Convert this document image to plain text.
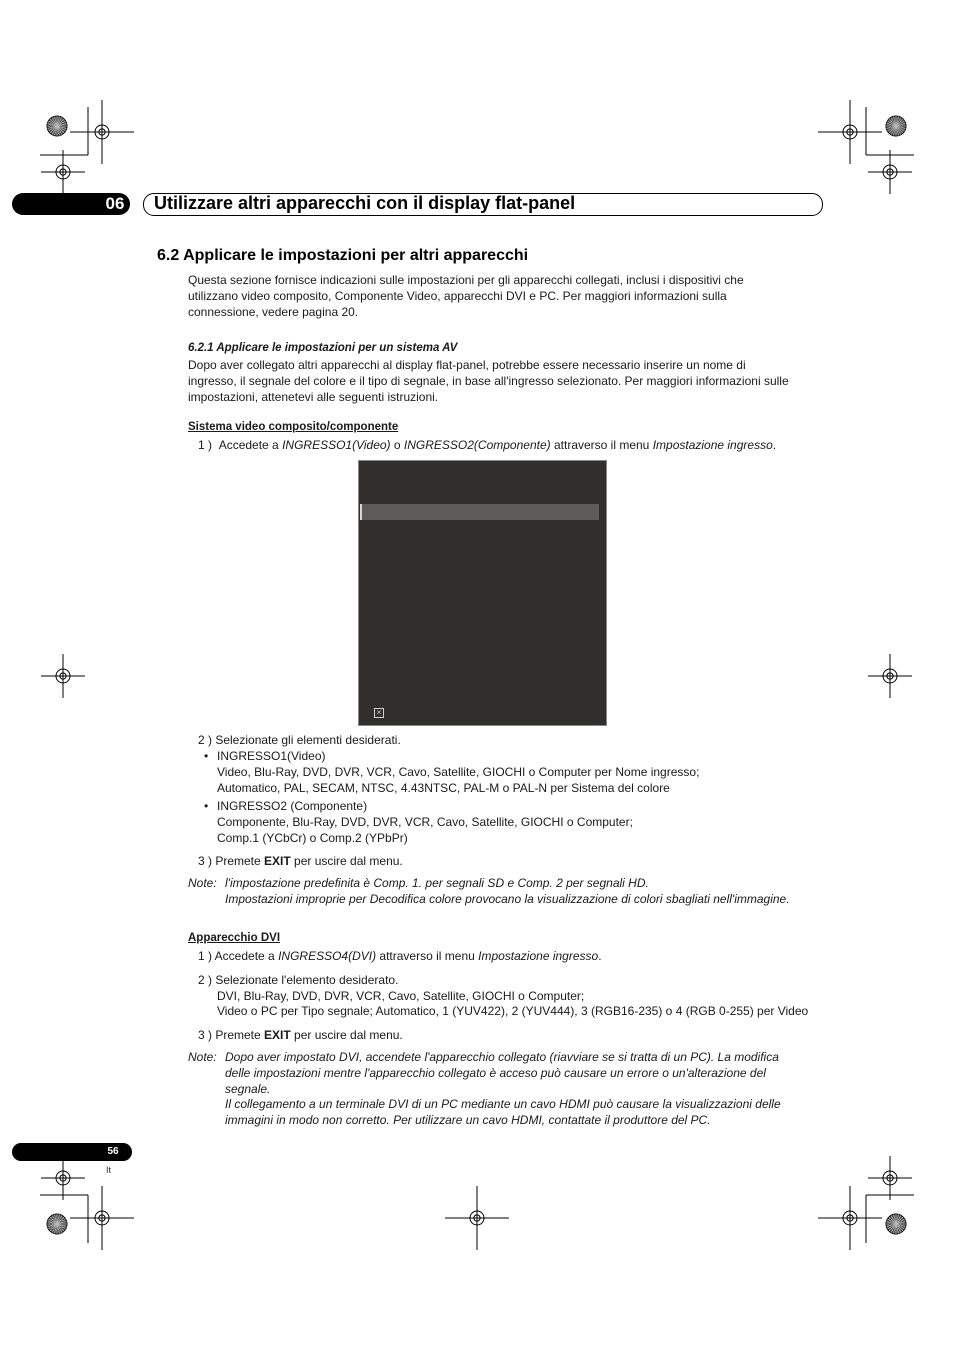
06	Utilizzare altri apparecchi con il display flat-panel
6.2 Applicare le impostazioni per altri apparecchi
Questa sezione fornisce indicazioni sulle impostazioni per gli apparecchi collegati, inclusi i dispositivi che
utilizzano video composito, Componente Video, apparecchi DVI e PC. Per maggiori informazioni sulla
connessione, vedere pagina 20.
6.2.1 Applicare le impostazioni per un sistema AV
Dopo aver collegato altri apparecchi al display flat-panel, potrebbe essere necessario inserire un nome di
ingresso, il segnale del colore e il tipo di segnale, in base all'ingresso selezionato. Per maggiori informazioni sulle
impostazioni, attenetevi alle seguenti istruzioni.
Sistema video composito/componente
1 ) Accedete a INGRESSO1(Video) o INGRESSO2(Componente) attraverso il menu Impostazione ingresso.
×
2 ) Selezionate gli elementi desiderati.
• INGRESSO1(Video)
Video, Blu-Ray, DVD, DVR, VCR, Cavo, Satellite, GIOCHI o Computer per Nome ingresso;
Automatico, PAL, SECAM, NTSC, 4.43NTSC, PAL-M o PAL-N per Sistema del colore
• INGRESSO2 (Componente)
Componente, Blu-Ray, DVD, DVR, VCR, Cavo, Satellite, GIOCHI o Computer;
Comp.1 (YCbCr) o Comp.2 (YPbPr)
3 ) Premete EXIT per uscire dal menu.
Note: l'impostazione predefinita è Comp. 1. per segnali SD e Comp. 2 per segnali HD.
Impostazioni improprie per Decodifica colore provocano la visualizzazione di colori sbagliati nell'immagine.
Apparecchio DVI
1 ) Accedete a INGRESSO4(DVI) attraverso il menu Impostazione ingresso.
2 ) Selezionate l'elemento desiderato.
DVI, Blu-Ray, DVD, DVR, VCR, Cavo, Satellite, GIOCHI o Computer;
Video o PC per Tipo segnale; Automatico, 1 (YUV422), 2 (YUV444), 3 (RGB16-235) o 4 (RGB 0-255) per Video
3 ) Premete EXIT per uscire dal menu.
Note: Dopo aver impostato DVI, accendete l'apparecchio collegato (riavviare se si tratta di un PC). La modifica
delle impostazioni mentre l'apparecchio collegato è acceso può causare un errore o un'alterazione del
segnale.
Il collegamento a un terminale DVI di un PC mediante un cavo HDMI può causare la visualizzazioni delle
immagini in modo non corretto. Per utilizzare un cavo HDMI, contattate il produttore del PC.
56
It
